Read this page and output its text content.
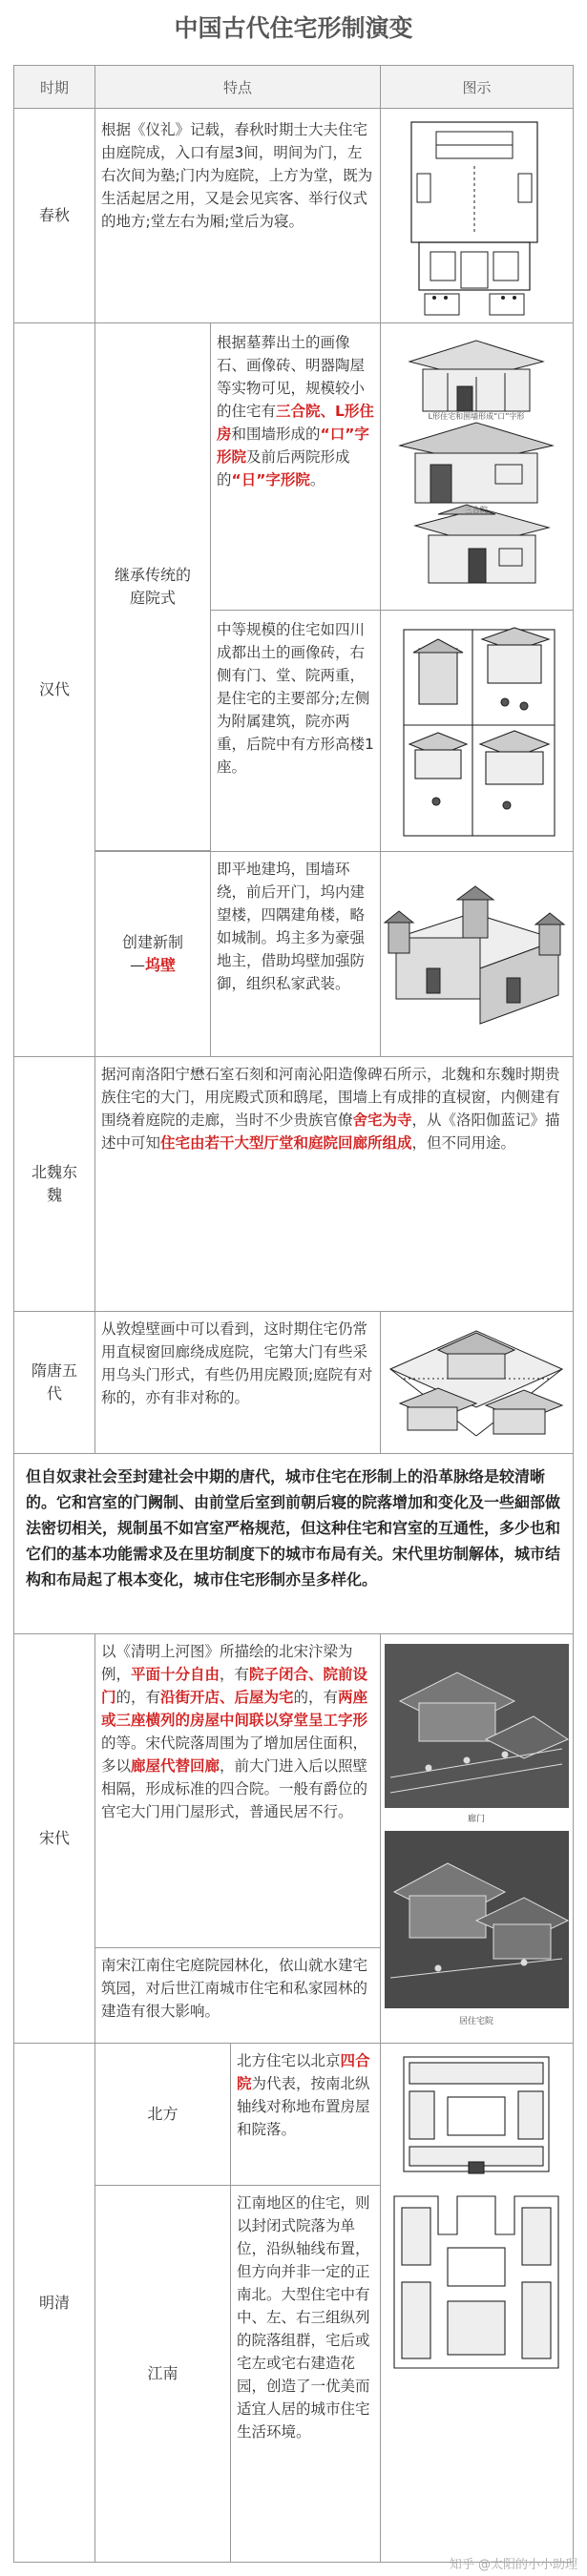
中国古代住宅形制演变
时期	特点	图示
春秋
根据《仪礼》记载，春秋时期士大夫住宅由庭院成，入口有屋3间，明间为门，左右次间为塾;门内为庭院，上方为堂，既为生活起居之用，又是会见宾客、举行仪式的地方;堂左右为厢;堂后为寝。
汉代
继承传统的庭院式
根据墓葬出土的画像石、画像砖、明器陶屋等实物可见，规模较小的住宅有三合院、L形住房和围墙形成的“口”字形院及前后两院形成的“日”字形院。
L形住宅和围墙形成“口”字形
三合院
中等规模的住宅如四川成都出土的画像砖，右侧有门、堂、院两重，是住宅的主要部分;左侧为附属建筑，院亦两重，后院中有方形高楼1座。
创建新制
—坞壁
即平地建坞，围墙环绕，前后开门，坞内建望楼，四隅建角楼，略如城制。坞主多为豪强地主，借助坞壁加强防御，组织私家武装。
北魏东魏
据河南洛阳宁懋石室石刻和河南沁阳造像碑石所示，北魏和东魏时期贵族住宅的大门，用庑殿式顶和鸱尾，围墙上有成排的直棂窗，内侧建有围绕着庭院的走廊，当时不少贵族官僚舍宅为寺，从《洛阳伽蓝记》描述中可知住宅由若干大型厅堂和庭院回廊所组成，但不同用途。
隋唐五代
从敦煌壁画中可以看到，这时期住宅仍常用直棂窗回廊绕成庭院，宅第大门有些采用乌头门形式，有些仍用庑殿顶;庭院有对称的，亦有非对称的。
但自奴隶社会至封建社会中期的唐代，城市住宅在形制上的沿革脉络是较清晰的。它和宫室的门阙制、由前堂后室到前朝后寝的院落增加和变化及一些細部做法密切相关，规制虽不如宫室严格规范，但这种住宅和宫室的互通性，多少也和它们的基本功能需求及在里坊制度下的城市布局有关。宋代里坊制解体，城市结构和布局起了根本变化，城市住宅形制亦呈多样化。
宋代
以《清明上河图》所描绘的北宋汴梁为例，平面十分自由，有院子闭合、院前设门的，有沿街开店、后屋为宅的，有两座或三座横列的房屋中间联以穿堂呈工字形的等。宋代院落周围为了增加居住面积，多以廊屋代替回廊，前大门进入后以照壁相隔，形成标准的四合院。一般有爵位的官宅大门用门屋形式，普通民居不行。
南宋江南住宅庭院园林化，依山就水建宅筑园，对后世江南城市住宅和私家园林的建造有很大影响。
廊门
居住宅院
明清
北方
北方住宅以北京四合院为代表，按南北纵轴线对称地布置房屋和院落。
江南
江南地区的住宅，则以封闭式院落为单位，沿纵轴线布置，但方向并非一定的正南北。大型住宅中有中、左、右三组纵列的院落组群，宅后或宅左或宅右建造花园，创造了一优美而适宜人居的城市住宅生活环境。
知乎 @太阳的小小助理
